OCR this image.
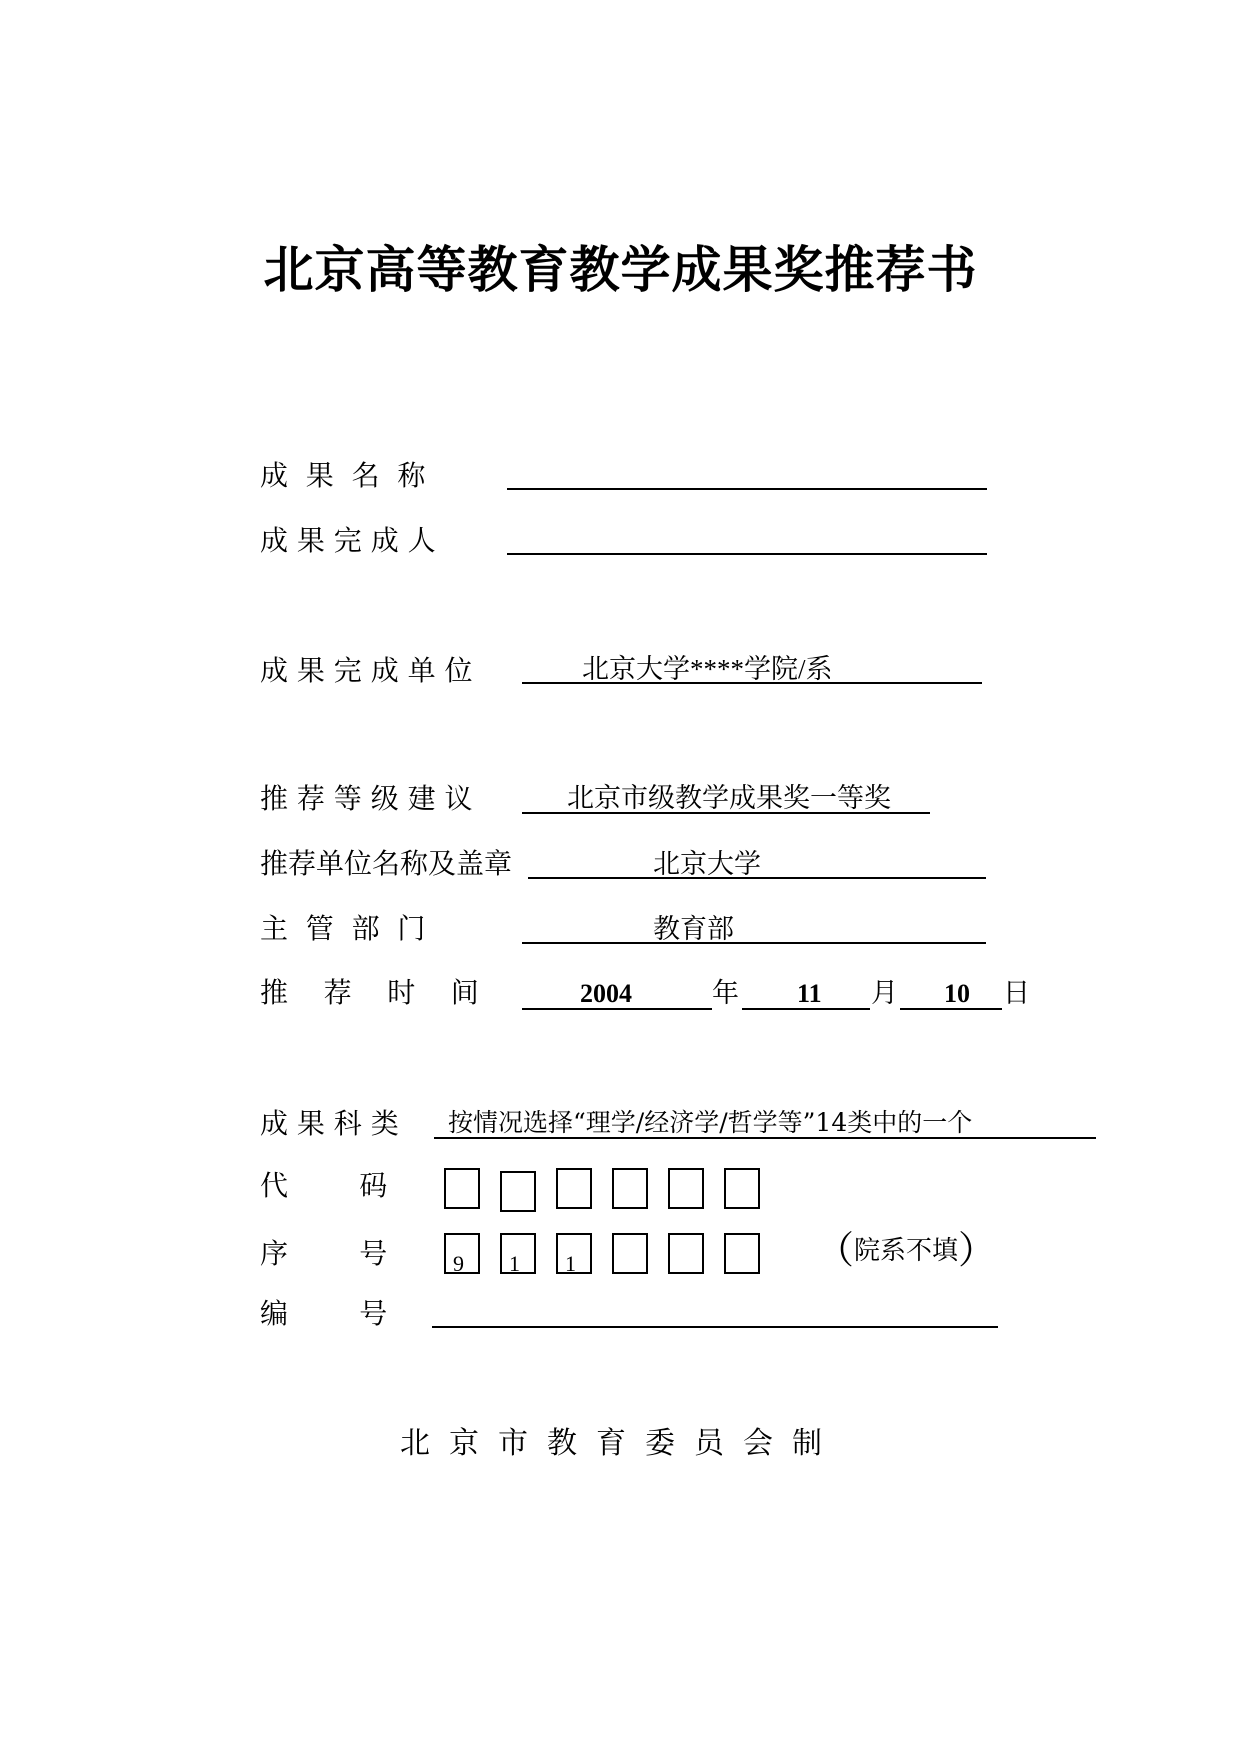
北京高等教育教学成果奖推荐书
成  果  名  称
成 果 完 成 人
成 果 完 成 单 位	北京大学****学院/系
推 荐 等 级 建 议	北京市级教学成果奖一等奖
推荐单位名称及盖章	北京大学
主  管  部  门	教育部
推    荐    时    间	2004	年 11 月 10 日
成 果 科 类 按情况选择“理学/经济学/哲学等”14类中的一个
代        码
序        号	9 1 1	（院系不填）
编        号
北京市教育委员会制
